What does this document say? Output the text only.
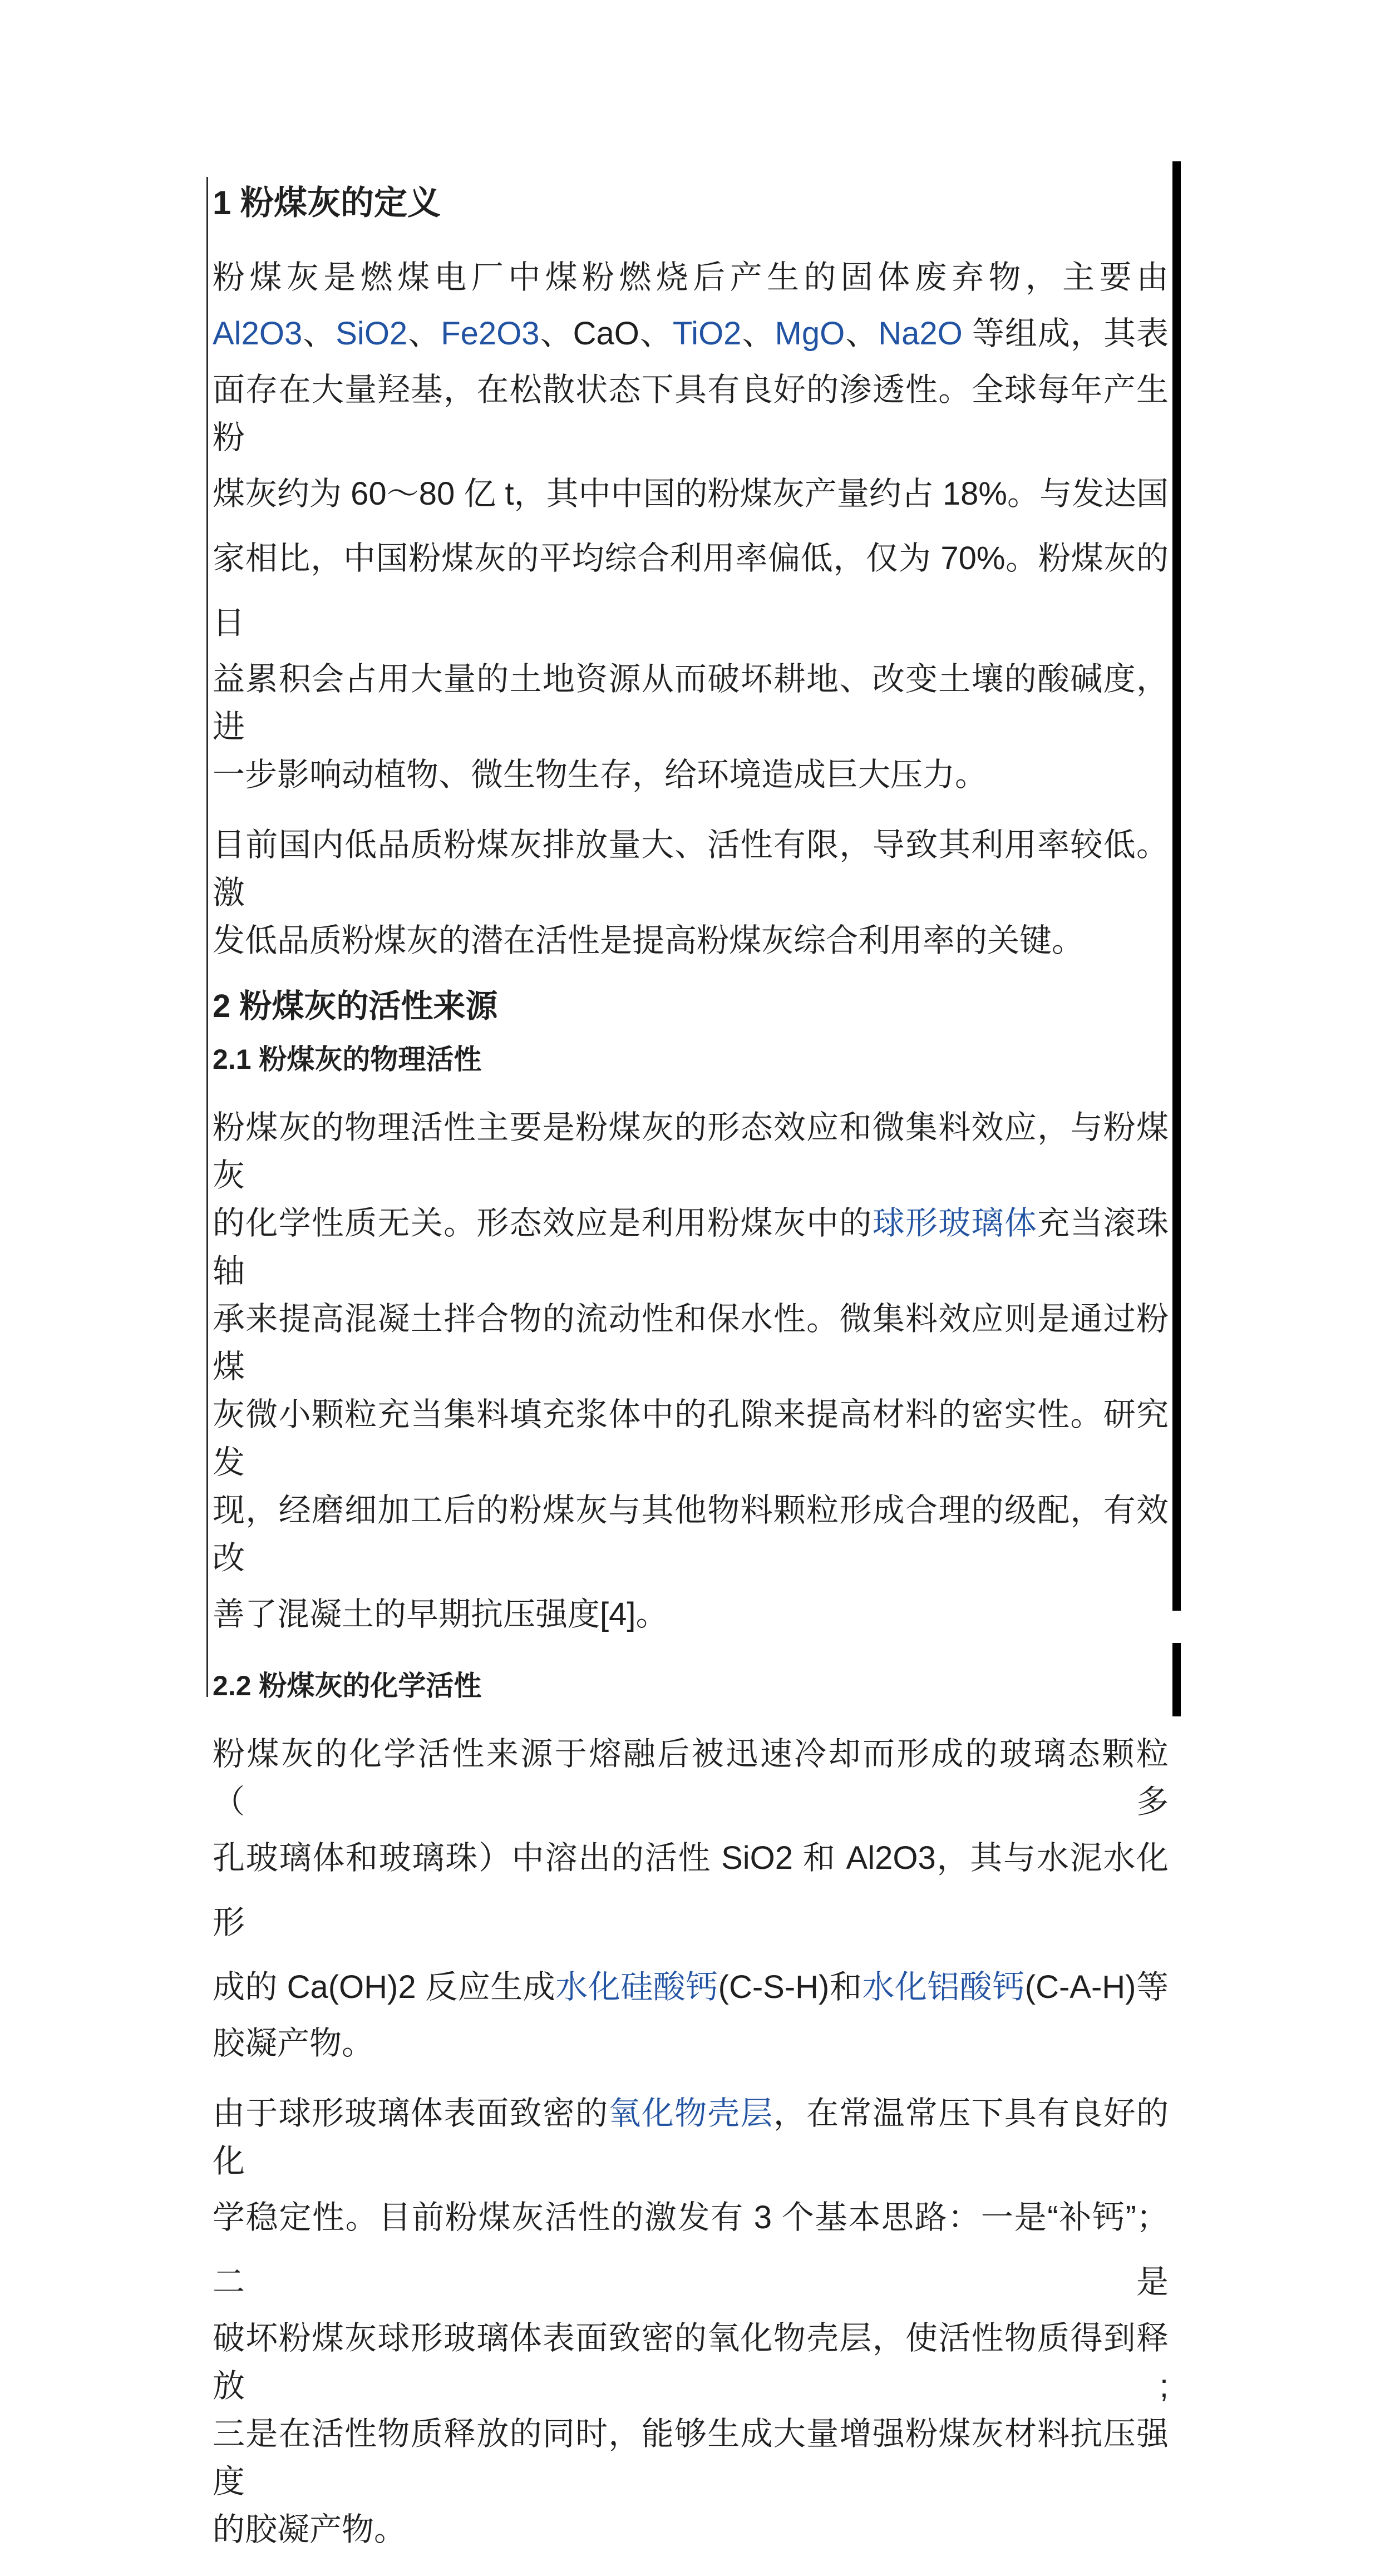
1 粉煤灰的定义
粉煤灰是燃煤电厂中煤粉燃烧后产生的固体废弃物，主要由
Al2O3、SiO2、Fe2O3、CaO、TiO2、MgO、Na2O 等组成，其表
面存在大量羟基，在松散状态下具有良好的渗透性。全球每年产生粉
煤灰约为 60～80 亿 t，其中中国的粉煤灰产量约占 18%。与发达国
家相比，中国粉煤灰的平均综合利用率偏低，仅为 70%。粉煤灰的日
益累积会占用大量的土地资源从而破坏耕地、改变土壤的酸碱度，进
一步影响动植物、微生物生存，给环境造成巨大压力。
目前国内低品质粉煤灰排放量大、活性有限，导致其利用率较低。激
发低品质粉煤灰的潜在活性是提高粉煤灰综合利用率的关键。
2 粉煤灰的活性来源
2.1 粉煤灰的物理活性
粉煤灰的物理活性主要是粉煤灰的形态效应和微集料效应，与粉煤灰
的化学性质无关。形态效应是利用粉煤灰中的球形玻璃体充当滚珠轴
承来提高混凝土拌合物的流动性和保水性。微集料效应则是通过粉煤
灰微小颗粒充当集料填充浆体中的孔隙来提高材料的密实性。研究发
现，经磨细加工后的粉煤灰与其他物料颗粒形成合理的级配，有效改
善了混凝土的早期抗压强度[4]。
2.2 粉煤灰的化学活性
粉煤灰的化学活性来源于熔融后被迅速冷却而形成的玻璃态颗粒（多
孔玻璃体和玻璃珠）中溶出的活性 SiO2 和 Al2O3，其与水泥水化形
成的 Ca(OH)2 反应生成水化硅酸钙(C-S-H)和水化铝酸钙(C-A-H)等
胶凝产物。
由于球形玻璃体表面致密的氧化物壳层，在常温常压下具有良好的化
学稳定性。目前粉煤灰活性的激发有 3 个基本思路：一是“补钙”；二是
破坏粉煤灰球形玻璃体表面致密的氧化物壳层，使活性物质得到释放;
三是在活性物质释放的同时，能够生成大量增强粉煤灰材料抗压强度
的胶凝产物。
